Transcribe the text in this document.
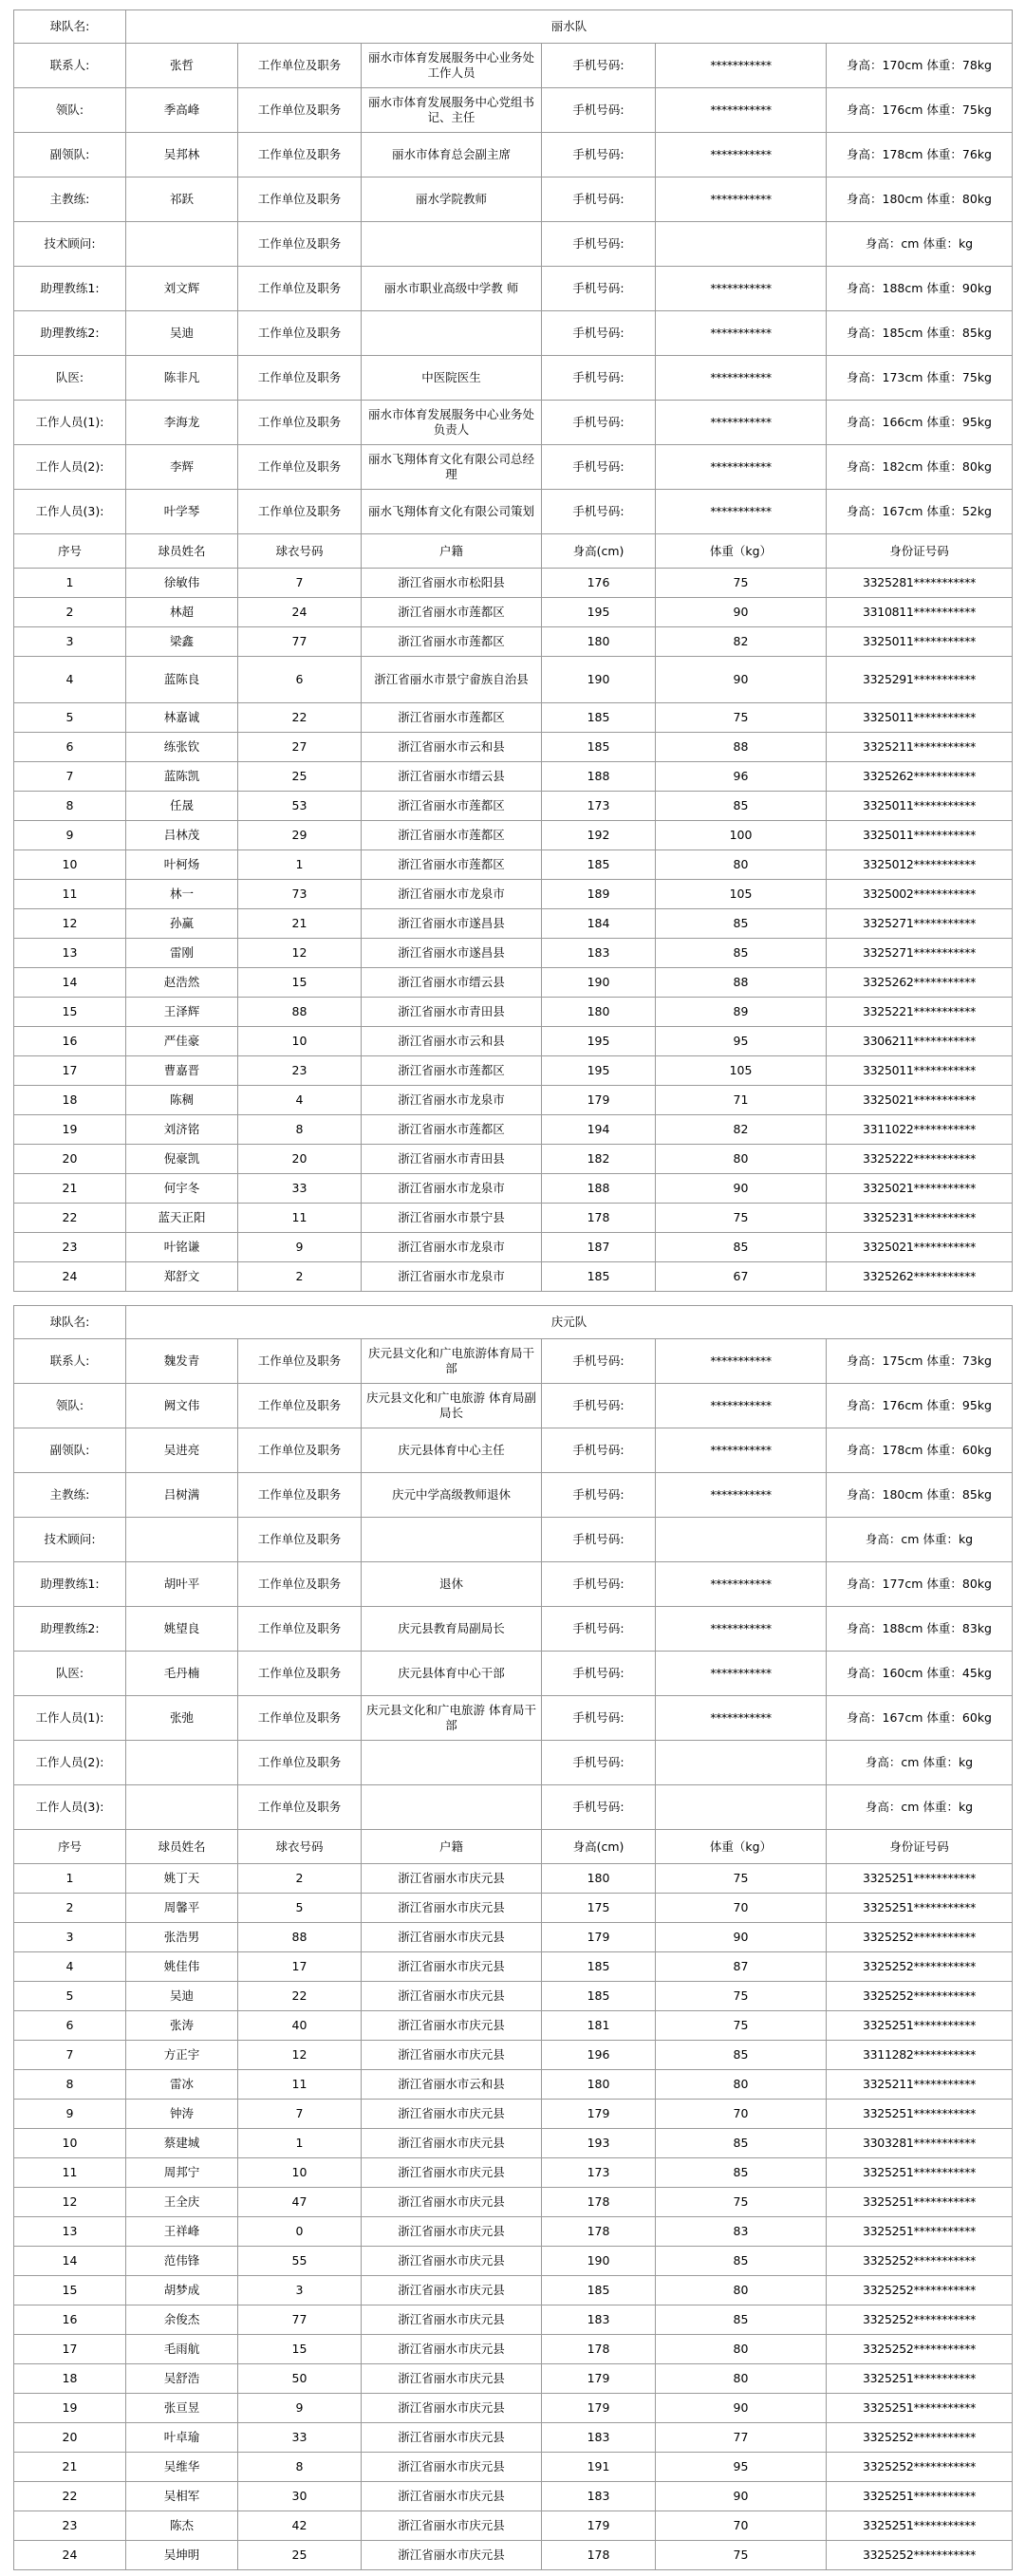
球队名:	丽水队					
联系人:	张哲	工作单位及职务	丽水市体育发展服务中心业务处工作人员	手机号码:	***********	身高：170cm 体重：78kg
领队:	季高峰	工作单位及职务	丽水市体育发展服务中心党组书记、主任	手机号码:	***********	身高：176cm 体重：75kg
副领队:	吴邦林	工作单位及职务	丽水市体育总会副主席	手机号码:	***********	身高：178cm 体重：76kg
主教练:	祁跃	工作单位及职务	丽水学院教师	手机号码:	***********	身高：180cm 体重：80kg
技术顾问:		工作单位及职务		手机号码:		身高：cm 体重：kg
助理教练1:	刘文辉	工作单位及职务	丽水市职业高级中学教 师	手机号码:	***********	身高：188cm 体重：90kg
助理教练2:	吴迪	工作单位及职务		手机号码:	***********	身高：185cm 体重：85kg
队医:	陈非凡	工作单位及职务	中医院医生	手机号码:	***********	身高：173cm 体重：75kg
工作人员(1):	李海龙	工作单位及职务	丽水市体育发展服务中心业务处负责人	手机号码:	***********	身高：166cm 体重：95kg
工作人员(2):	李辉	工作单位及职务	丽水飞翔体育文化有限公司总经理	手机号码:	***********	身高：182cm 体重：80kg
工作人员(3):	叶学琴	工作单位及职务	丽水飞翔体育文化有限公司策划	手机号码:	***********	身高：167cm 体重：52kg
序号	球员姓名	球衣号码	户籍	身高(cm)	体重（kg）	身份证号码
1	徐敏伟	7	浙江省丽水市松阳县	176	75	3325281***********
2	林超	24	浙江省丽水市莲都区	195	90	3310811***********
3	梁鑫	77	浙江省丽水市莲都区	180	82	3325011***********
4	蓝陈良	6	浙江省丽水市景宁畲族自治县	190	90	3325291***********
5	林嘉诚	22	浙江省丽水市莲都区	185	75	3325011***********
6	练张钦	27	浙江省丽水市云和县	185	88	3325211***********
7	蓝陈凯	25	浙江省丽水市缙云县	188	96	3325262***********
8	任晟	53	浙江省丽水市莲都区	173	85	3325011***********
9	吕林茂	29	浙江省丽水市莲都区	192	100	3325011***********
10	叶柯炀	1	浙江省丽水市莲都区	185	80	3325012***********
11	林一	73	浙江省丽水市龙泉市	189	105	3325002***********
12	孙赢	21	浙江省丽水市遂昌县	184	85	3325271***********
13	雷刚	12	浙江省丽水市遂昌县	183	85	3325271***********
14	赵浩然	15	浙江省丽水市缙云县	190	88	3325262***********
15	王泽辉	88	浙江省丽水市青田县	180	89	3325221***********
16	严佳豪	10	浙江省丽水市云和县	195	95	3306211***********
17	曹嘉晋	23	浙江省丽水市莲都区	195	105	3325011***********
18	陈稠	4	浙江省丽水市龙泉市	179	71	3325021***********
19	刘济铭	8	浙江省丽水市莲都区	194	82	3311022***********
20	倪豪凯	20	浙江省丽水市青田县	182	80	3325222***********
21	何宇冬	33	浙江省丽水市龙泉市	188	90	3325021***********
22	蓝天正阳	11	浙江省丽水市景宁县	178	75	3325231***********
23	叶铭谦	9	浙江省丽水市龙泉市	187	85	3325021***********
24	郑舒文	2	浙江省丽水市龙泉市	185	67	3325262***********

球队名:	庆元队					
联系人:	魏发青	工作单位及职务	庆元县文化和广电旅游体育局干部	手机号码:	***********	身高：175cm 体重：73kg
领队:	阙文伟	工作单位及职务	庆元县文化和广电旅游 体育局副局长	手机号码:	***********	身高：176cm 体重：95kg
副领队:	吴进亮	工作单位及职务	庆元县体育中心主任	手机号码:	***********	身高：178cm 体重：60kg
主教练:	吕树满	工作单位及职务	庆元中学高级教师退休	手机号码:	***********	身高：180cm 体重：85kg
技术顾问:		工作单位及职务		手机号码:		身高：cm 体重：kg
助理教练1:	胡叶平	工作单位及职务	退休	手机号码:	***********	身高：177cm 体重：80kg
助理教练2:	姚望良	工作单位及职务	庆元县教育局副局长	手机号码:	***********	身高：188cm 体重：83kg
队医:	毛丹楠	工作单位及职务	庆元县体育中心干部	手机号码:	***********	身高：160cm 体重：45kg
工作人员(1):	张弛	工作单位及职务	庆元县文化和广电旅游 体育局干部	手机号码:	***********	身高：167cm 体重：60kg
工作人员(2):		工作单位及职务		手机号码:		身高：cm 体重：kg
工作人员(3):		工作单位及职务		手机号码:		身高：cm 体重：kg
序号	球员姓名	球衣号码	户籍	身高(cm)	体重（kg）	身份证号码
1	姚丁天	2	浙江省丽水市庆元县	180	75	3325251***********
2	周馨平	5	浙江省丽水市庆元县	175	70	3325251***********
3	张浩男	88	浙江省丽水市庆元县	179	90	3325252***********
4	姚佳伟	17	浙江省丽水市庆元县	185	87	3325252***********
5	吴迪	22	浙江省丽水市庆元县	185	75	3325252***********
6	张涛	40	浙江省丽水市庆元县	181	75	3325251***********
7	方正宇	12	浙江省丽水市庆元县	196	85	3311282***********
8	雷冰	11	浙江省丽水市云和县	180	80	3325211***********
9	钟涛	7	浙江省丽水市庆元县	179	70	3325251***********
10	蔡建城	1	浙江省丽水市庆元县	193	85	3303281***********
11	周邦宁	10	浙江省丽水市庆元县	173	85	3325251***********
12	王全庆	47	浙江省丽水市庆元县	178	75	3325251***********
13	王祥峰	0	浙江省丽水市庆元县	178	83	3325251***********
14	范伟锋	55	浙江省丽水市庆元县	190	85	3325252***********
15	胡梦成	3	浙江省丽水市庆元县	185	80	3325252***********
16	余俊杰	77	浙江省丽水市庆元县	183	85	3325252***********
17	毛雨航	15	浙江省丽水市庆元县	178	80	3325252***********
18	吴舒浩	50	浙江省丽水市庆元县	179	80	3325251***********
19	张亘昱	9	浙江省丽水市庆元县	179	90	3325251***********
20	叶卓瑜	33	浙江省丽水市庆元县	183	77	3325252***********
21	吴维华	8	浙江省丽水市庆元县	191	95	3325252***********
22	吴相军	30	浙江省丽水市庆元县	183	90	3325251***********
23	陈杰	42	浙江省丽水市庆元县	179	70	3325251***********
24	吴坤明	25	浙江省丽水市庆元县	178	75	3325252***********
